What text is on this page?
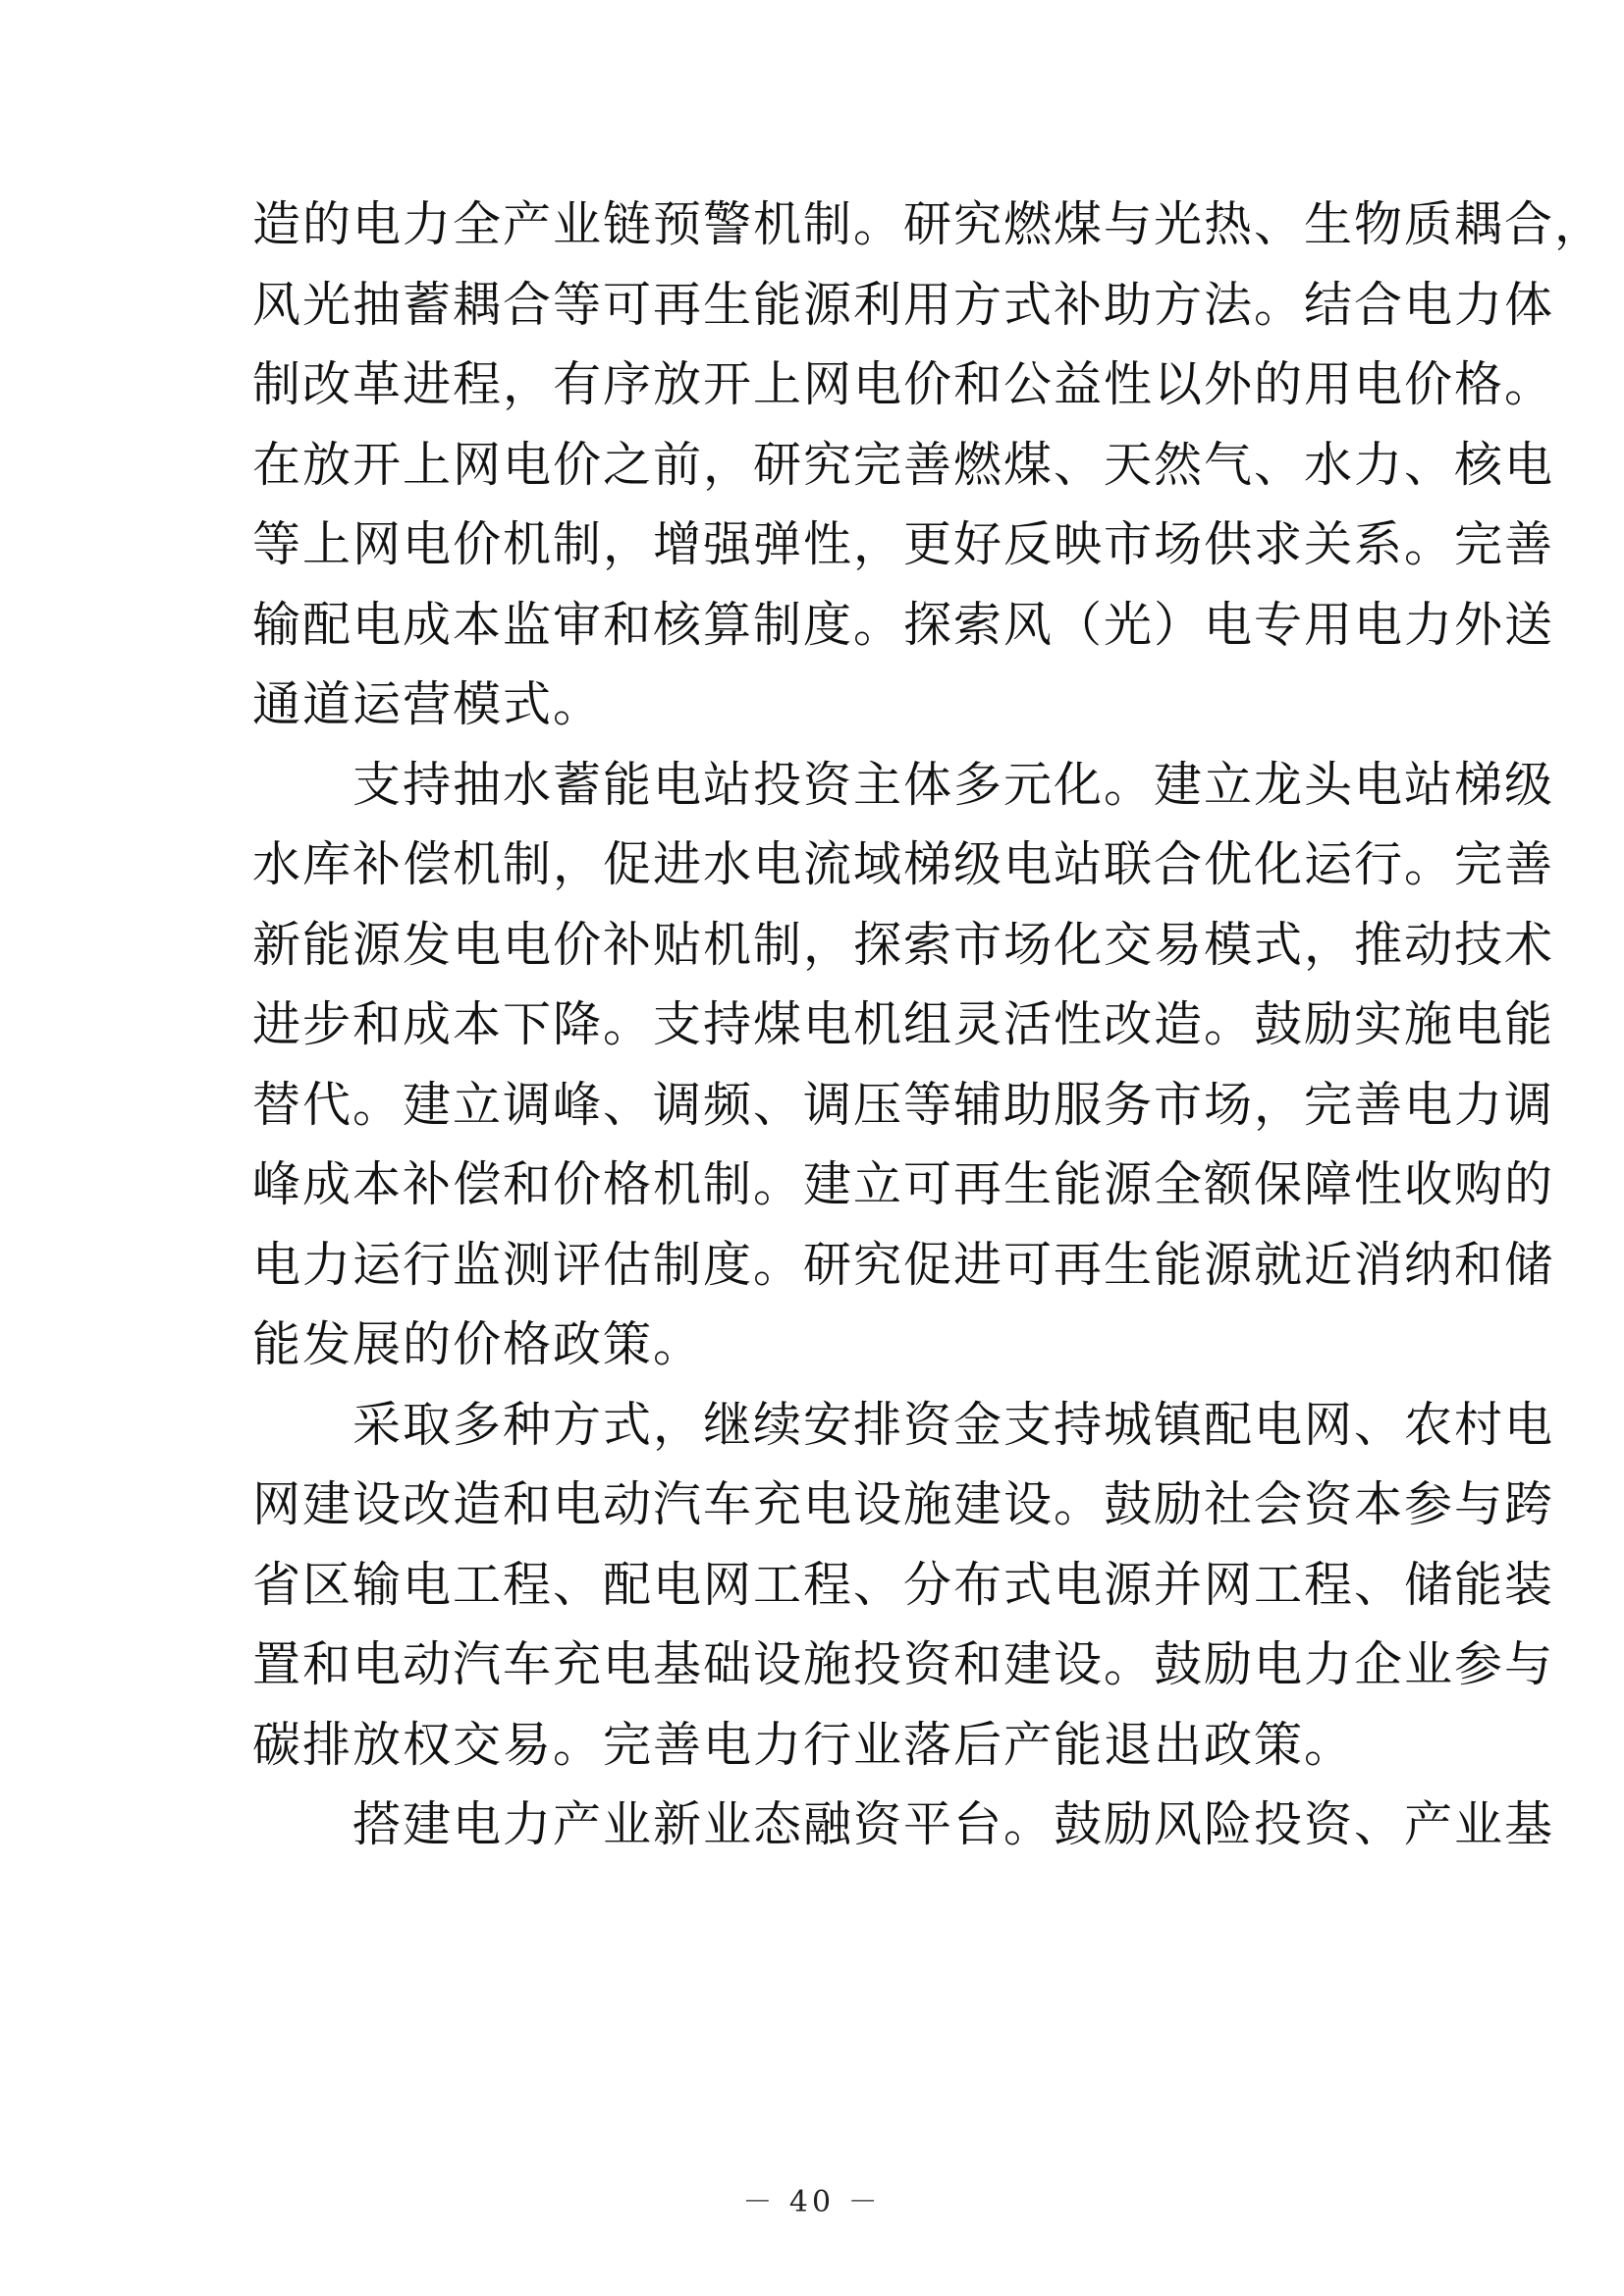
造的电力全产业链预警机制。研究燃煤与光热、生物质耦合，
风光抽蓄耦合等可再生能源利用方式补助方法。结合电力体
制改革进程，有序放开上网电价和公益性以外的用电价格。
在放开上网电价之前，研究完善燃煤、天然气、水力、核电
等上网电价机制，增强弹性，更好反映市场供求关系。完善
输配电成本监审和核算制度。探索风（光）电专用电力外送
通道运营模式。

　　支持抽水蓄能电站投资主体多元化。建立龙头电站梯级
水库补偿机制，促进水电流域梯级电站联合优化运行。完善
新能源发电电价补贴机制，探索市场化交易模式，推动技术
进步和成本下降。支持煤电机组灵活性改造。鼓励实施电能
替代。建立调峰、调频、调压等辅助服务市场，完善电力调
峰成本补偿和价格机制。建立可再生能源全额保障性收购的
电力运行监测评估制度。研究促进可再生能源就近消纳和储
能发展的价格政策。

　　采取多种方式，继续安排资金支持城镇配电网、农村电
网建设改造和电动汽车充电设施建设。鼓励社会资本参与跨
省区输电工程、配电网工程、分布式电源并网工程、储能装
置和电动汽车充电基础设施投资和建设。鼓励电力企业参与
碳排放权交易。完善电力行业落后产能退出政策。

　　搭建电力产业新业态融资平台。鼓励风险投资、产业基

－ 40 －
